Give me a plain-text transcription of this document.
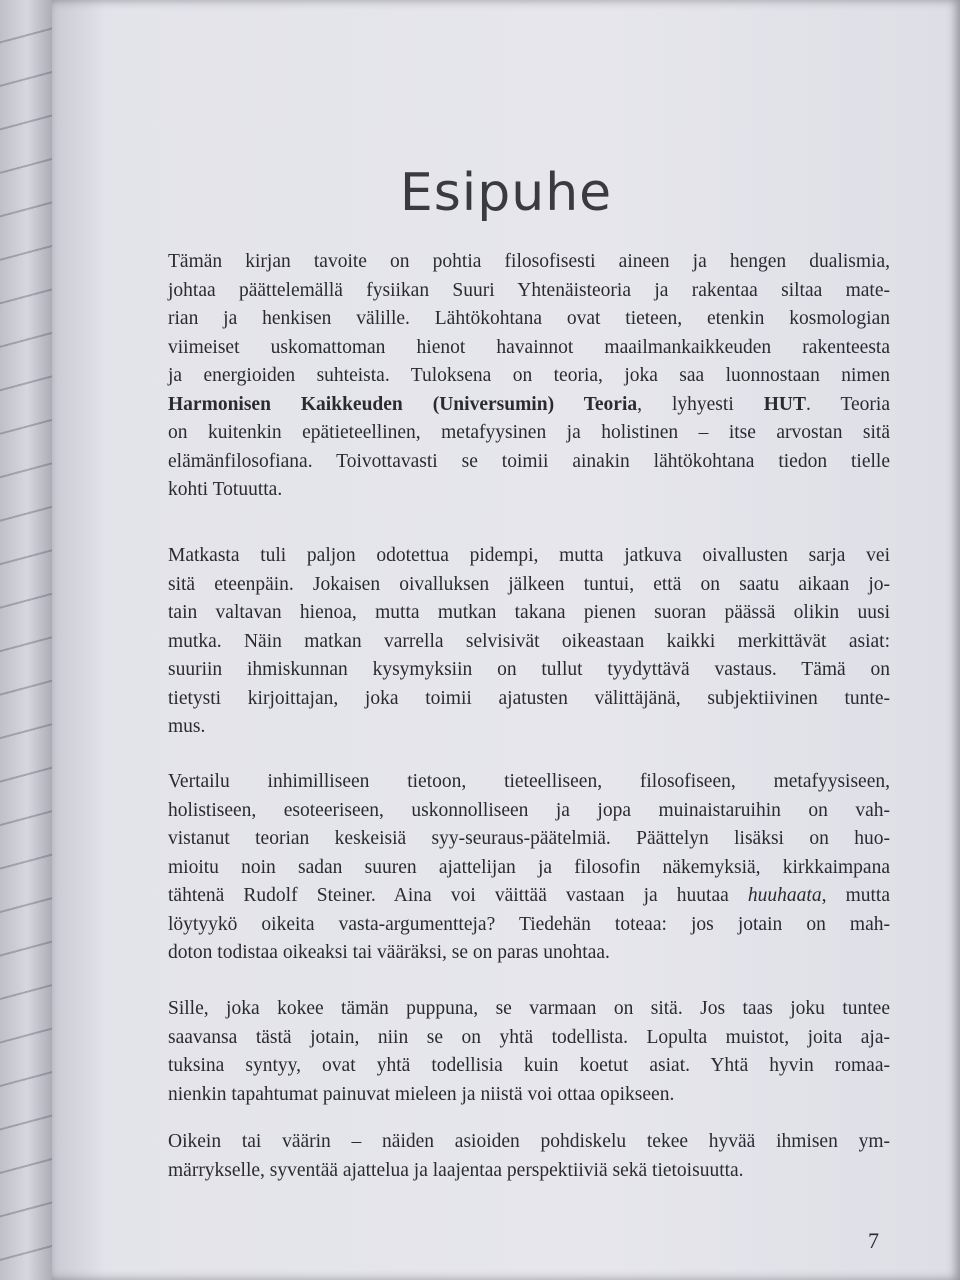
Esipuhe
Tämän kirjan tavoite on pohtia filosofisesti aineen ja hengen dualismia,
johtaa päättelemällä fysiikan Suuri Yhtenäisteoria ja rakentaa siltaa mate-
rian ja henkisen välille. Lähtökohtana ovat tieteen, etenkin kosmologian
viimeiset uskomattoman hienot havainnot maailmankaikkeuden rakenteesta
ja energioiden suhteista. Tuloksena on teoria, joka saa luonnostaan nimen
Harmonisen Kaikkeuden (Universumin) Teoria, lyhyesti HUT. Teoria
on kuitenkin epätieteellinen, metafyysinen ja holistinen – itse arvostan sitä
elämänfilosofiana. Toivottavasti se toimii ainakin lähtökohtana tiedon tielle
kohti Totuutta.
Matkasta tuli paljon odotettua pidempi, mutta jatkuva oivallusten sarja vei
sitä eteenpäin. Jokaisen oivalluksen jälkeen tuntui, että on saatu aikaan jo-
tain valtavan hienoa, mutta mutkan takana pienen suoran päässä olikin uusi
mutka. Näin matkan varrella selvisivät oikeastaan kaikki merkittävät asiat:
suuriin ihmiskunnan kysymyksiin on tullut tyydyttävä vastaus. Tämä on
tietysti kirjoittajan, joka toimii ajatusten välittäjänä, subjektiivinen tunte-
mus.
Vertailu inhimilliseen tietoon, tieteelliseen, filosofiseen, metafyysiseen,
holistiseen, esoteeriseen, uskonnolliseen ja jopa muinaistaruihin on vah-
vistanut teorian keskeisiä syy-seuraus-päätelmiä. Päättelyn lisäksi on huo-
mioitu noin sadan suuren ajattelijan ja filosofin näkemyksiä, kirkkaimpana
tähtenä Rudolf Steiner. Aina voi väittää vastaan ja huutaa huuhaata, mutta
löytyykö oikeita vasta-argumentteja? Tiedehän toteaa: jos jotain on mah-
doton todistaa oikeaksi tai vääräksi, se on paras unohtaa.
Sille, joka kokee tämän puppuna, se varmaan on sitä. Jos taas joku tuntee
saavansa tästä jotain, niin se on yhtä todellista. Lopulta muistot, joita aja-
tuksina syntyy, ovat yhtä todellisia kuin koetut asiat. Yhtä hyvin romaa-
nienkin tapahtumat painuvat mieleen ja niistä voi ottaa opikseen.
Oikein tai väärin – näiden asioiden pohdiskelu tekee hyvää ihmisen ym-
märrykselle, syventää ajattelua ja laajentaa perspektiiviä sekä tietoisuutta.
7
